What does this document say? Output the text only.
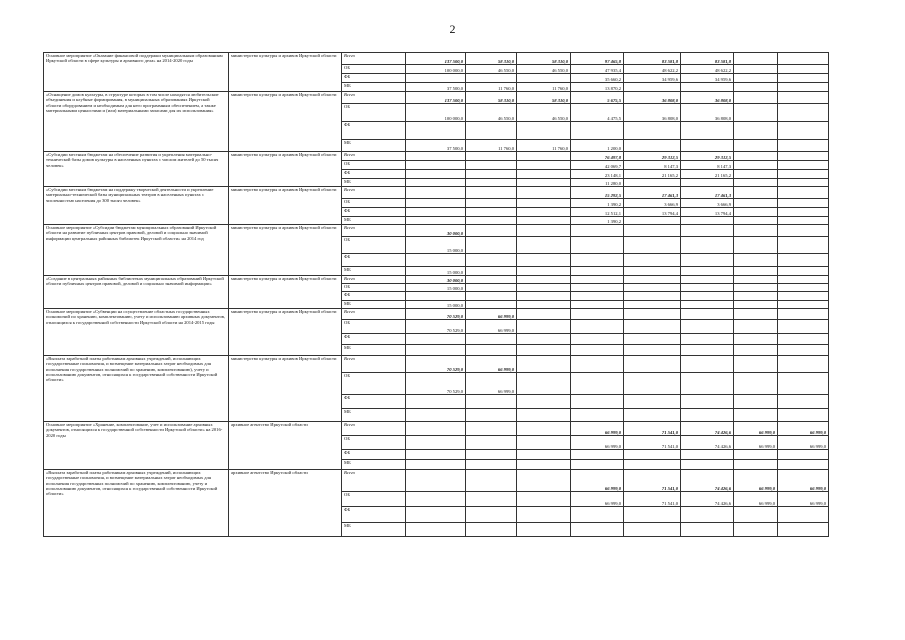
2
Основное мероприятие «Оказание финансовой поддержки муниципальным образованиям Иркутской области в сфере культуры и архивного дела» на 2014-2020 годы	министерство культуры и архивов Иркутской области	Всего	137 500,0	58 310,0	58 310,0	97 465,8	83 581,8	83 581,8		
		ОБ	100 000,0	46 550,0	46 550,0	47 935,4	48 622,2	48 622,2		
		ФБ				35 660,2	34 959,6	34 959,6		
		МБ	37 500,0	11 760,0	11 760,0	13 870,2				
«Оснащение домов культуры, в структуре которых в том числе находятся любительские объединения и клубные формирования, в муниципальных образованиях Иркутской области оборудованием и необходимым для него программным обеспечением, а также материальными ценностями и (или) материальными запасами для их использования»	министерство культуры и архивов Иркутской области	Всего	137 500,0	58 310,0	58 310,0	5 675,5	36 808,0	36 808,0		
		ОБ	100 000,0	46 550,0	46 550,0	4 475,5	36 808,0	36 808,0		
		ФБ								
		МБ	37 500,0	11 760,0	11 760,0	1 200,0				
«Субсидии местным бюджетам на обеспечение развития и укрепления материально-технической базы домов культуры в населенных пунктах с числом жителей до 50 тысяч человек»	министерство культуры и архивов Иркутской области	Всего				76 497,8	29 312,5	29 312,5		
		ОБ				42 069,7	8 147,3	8 147,3		
		ФБ				23 148,1	21 165,2	21 165,2		
		МБ				11 280,0				
«Субсидии местным бюджетам на поддержку творческой деятельности и укрепление материально-технической базы муниципальных театров в населенных пунктах с численностью населения до 300 тысяч человек»	министерство культуры и архивов Иркутской области	Всего				15 292,5	17 461,3	17 461,3		
		ОБ				1 390,2	3 666,9	3 666,9		
		ФБ				12 512,1	13 794,4	13 794,4		
		МБ				1 390,2				
Основное мероприятие «Субсидии бюджетам муниципальных образований Иркутской области на развитие публичных центров правовой, деловой и социально значимой информации центральных районных библиотек Иркутской области» на 2014 год	министерство культуры и архивов Иркутской области	Всего	30 000,0							
		ОБ	15 000,0							
		ФБ								
		МБ	15 000,0							
«Создание в центральных районных библиотеках муниципальных образований Иркутской области публичных центров правовой, деловой и социально значимой информации»	министерство культуры и архивов Иркутской области	Всего	30 000,0							
		ОБ	15 000,0							
		ФБ								
		МБ	15 000,0							
Основное мероприятие «Субвенции на осуществление областных государственных полномочий по хранению, комплектованию, учету и использованию архивных документов, относящихся к государственной собственности Иркутской области на 2014-2015 годы	министерство культуры и архивов Иркутской области	Всего	70 529,0	66 999,0						
		ОБ	70 529,0	66 999,0						
		ФБ								
		МБ								
«Выплата заработной платы работникам архивных учреждений, исполняющих государственные полномочия, и возмещение материальных затрат необходимых для исполнения государственных полномочий по хранению, комплектованию), учету и использованию документов, относящихся к государственной собственности Иркутской области»	министерство культуры и архивов Иркутской области	Всего	70 529,0	66 999,0						
		ОБ	70 529,0	66 999,0						
		ФБ								
		МБ								
Основное мероприятие «Хранение, комплектование, учет и использование архивных документов, относящихся к государственной собственности Иркутской области» на 2016-2020 годы	архивное агентство Иркутской области	Всего				66 999,0	71 541,0	74 426,6	66 999,0	66 999,0
		ОБ				66 999,0	71 541,0	74 426,6	66 999,0	66 999,0
		ФБ								
		МБ								
«Выплата заработной платы работникам архивных учреждений, исполняющих государственные полномочия, и возмещение материальных затрат необходимых для исполнения государственных полномочий по хранению, комплектованию, учету и использованию документов, относящихся к государственной собственности Иркутской области»	архивное агентство Иркутской области	Всего				66 999,0	71 541,0	74 426,6	66 999,0	66 999,0
		ОБ				66 999,0	71 541,0	74 426,6	66 999,0	66 999,0
		ФБ								
		МБ								
